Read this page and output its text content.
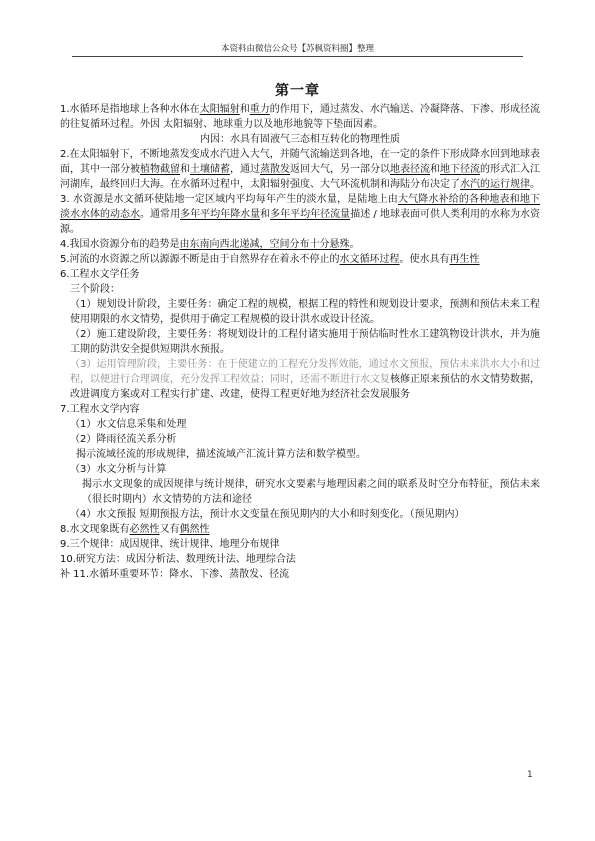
本资料由微信公众号【苏枫资料圈】整理
第一章

1.水循环是指地球上各种水体在太阳辐射和重力的作用下，通过蒸发、水汽输送、冷凝降落、下渗、形成径流的往复循环过程。外因 太阳辐射、地球重力以及地形地貌等下垫面因素。

内因：水具有固液气三态相互转化的物理性质

2.在太阳辐射下，不断地蒸发变成水汽进入大气，并随气流输送到各地，在一定的条件下形成降水回到地球表面，其中一部分被植物截留和土壤储蓄，通过蒸散发返回大气，另一部分以地表径流和地下径流的形式汇入江河湖库，最终回归大海。在水循环过程中，太阳辐射强度、大气环流机制和海陆分布决定了水汽的运行规律。

3. 水资源是水文循环使陆地一定区域内平均每年产生的淡水量，是陆地上由大气降水补给的各种地表和地下淡水水体的动态水。通常用多年平均年降水量和多年平均年径流量描述 / 地球表面可供人类利用的水称为水资源。

4.我国水资源分布的趋势是由东南向西北递减，空间分布十分悬殊。

5.河流的水资源之所以源源不断是由于自然界存在着永不停止的水文循环过程。使水具有再生性

6.工程水文学任务

三个阶段：

（1）规划设计阶段，主要任务：确定工程的规模，根据工程的特性和规划设计要求，预测和预估未来工程使用期限的水文情势，提供用于确定工程规模的设计洪水或设计径流。

（2）施工建设阶段，主要任务：将规划设计的工程付诸实施用于预估临时性水工建筑物设计洪水，并为施工期的防洪安全提供短期洪水预报。

（3）运用管理阶段，主要任务：在于使建立的工程充分发挥效能，通过水文预报，预估未来洪水大小和过程，以便进行合理调度，充分发挥工程效益；同时，还需不断进行水文复核修正原来预估的水文情势数据，改进调度方案或对工程实行扩建、改建，使得工程更好地为经济社会发展服务

7.工程水文学内容

（1）水文信息采集和处理

（2）降雨径流关系分析

揭示流域径流的形成规律，描述流域产汇流计算方法和数学模型。

（3）水文分析与计算

揭示水文现象的成因规律与统计规律，研究水文要素与地理因素之间的联系及时空分布特征，预估未来（很长时期内）水文情势的方法和途径

（4）水文预报 短期预报方法，预计水文变量在预见期内的大小和时刻变化。（预见期内）

8.水文现象既有必然性又有偶然性

9.三个规律：成因规律、统计规律、地理分布规律

10.研究方法：成因分析法、数理统计法、地理综合法

补 11.水循环重要环节：降水、下渗、蒸散发、径流

1
